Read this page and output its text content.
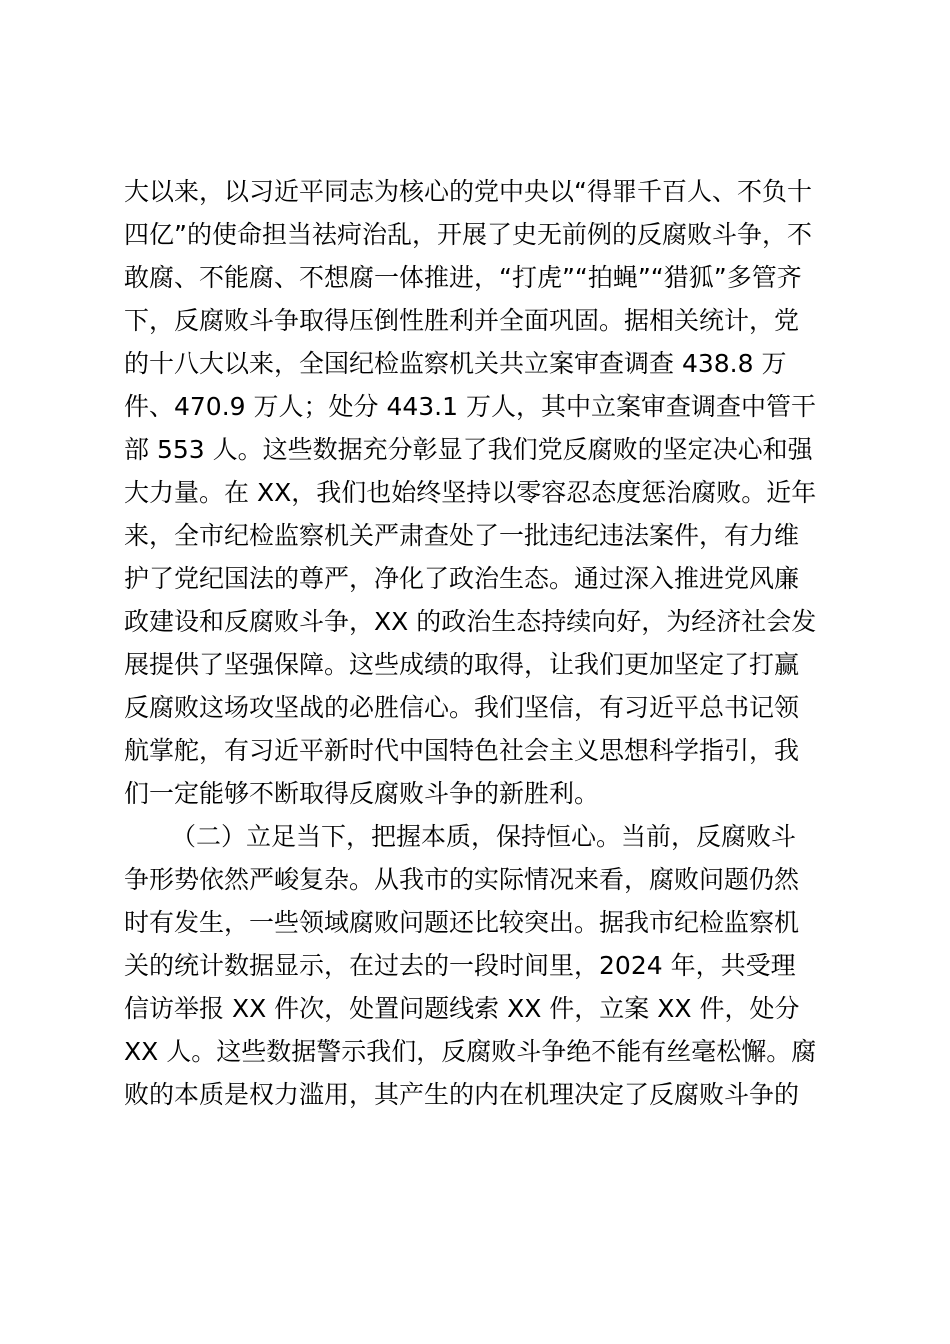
大以来，以习近平同志为核心的党中央以“得罪千百人、不负十
四亿”的使命担当祛疴治乱，开展了史无前例的反腐败斗争，不
敢腐、不能腐、不想腐一体推进，“打虎”“拍蝇”“猎狐”多管齐
下，反腐败斗争取得压倒性胜利并全面巩固。据相关统计，党
的十八大以来，全国纪检监察机关共立案审查调查 438.8 万
件、470.9 万人；处分 443.1 万人，其中立案审查调查中管干
部 553 人。这些数据充分彰显了我们党反腐败的坚定决心和强
大力量。在 XX，我们也始终坚持以零容忍态度惩治腐败。近年
来，全市纪检监察机关严肃查处了一批违纪违法案件，有力维
护了党纪国法的尊严，净化了政治生态。通过深入推进党风廉
政建设和反腐败斗争，XX 的政治生态持续向好，为经济社会发
展提供了坚强保障。这些成绩的取得，让我们更加坚定了打赢
反腐败这场攻坚战的必胜信心。我们坚信，有习近平总书记领
航掌舵，有习近平新时代中国特色社会主义思想科学指引，我
们一定能够不断取得反腐败斗争的新胜利。
（二）立足当下，把握本质，保持恒心。当前，反腐败斗
争形势依然严峻复杂。从我市的实际情况来看，腐败问题仍然
时有发生，一些领域腐败问题还比较突出。据我市纪检监察机
关的统计数据显示，在过去的一段时间里，2024 年，共受理
信访举报 XX 件次，处置问题线索 XX 件，立案 XX 件，处分
XX 人。这些数据警示我们，反腐败斗争绝不能有丝毫松懈。腐
败的本质是权力滥用，其产生的内在机理决定了反腐败斗争的
